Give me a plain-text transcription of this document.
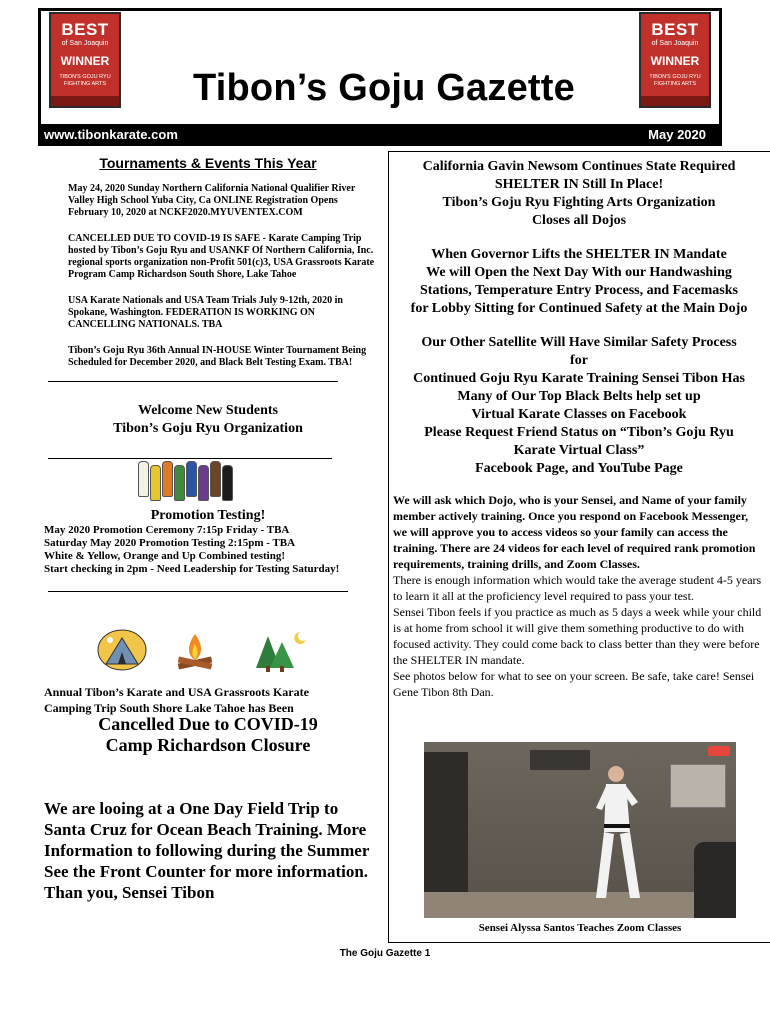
BEST
of San Joaquin
WINNER
TIBON'S GOJU RYU FIGHTING ARTS
BEST
of San Joaquin
WINNER
TIBON'S GOJU RYU FIGHTING ARTS
Tibon’s Goju Gazette
www.tibonkarate.com	May 2020
Tournaments & Events This Year
May 24, 2020 Sunday Northern California National Qualifier River Valley High School Yuba City, Ca ONLINE Registration Opens February 10, 2020 at NCKF2020.MYUVENTEX.COM
CANCELLED DUE TO COVID-19 IS SAFE - Karate Camping Trip hosted by Tibon’s Goju Ryu and USANKF Of Northern California, Inc. regional sports organization non-Profit 501(c)3, USA Grassroots Karate Program Camp Richardson South Shore, Lake Tahoe
USA Karate Nationals and USA Team Trials July 9-12th, 2020 in Spokane, Washington. FEDERATION IS WORKING ON CANCELLING NATIONALS. TBA
Tibon’s Goju Ryu 36th Annual IN-HOUSE Winter Tournament Being Scheduled for December 2020, and Black Belt Testing Exam. TBA!
Welcome New Students
Tibon’s Goju Ryu Organization
Promotion Testing!
May 2020 Promotion Ceremony 7:15p Friday - TBA
Saturday May 2020 Promotion Testing 2:15pm - TBA
White & Yellow, Orange and Up Combined testing!
Start checking in 2pm - Need Leadership for Testing Saturday!
Annual Tibon’s Karate and USA Grassroots Karate
Camping Trip South Shore Lake Tahoe has Been
Cancelled Due to COVID-19
Camp Richardson Closure
We are looing at a One Day Field Trip to Santa Cruz for Ocean Beach Training. More Information to following during the Summer See the Front Counter for more information. Than you, Sensei Tibon
California Gavin Newsom Continues State Required
SHELTER IN Still In Place!
Tibon’s Goju Ryu Fighting Arts Organization
Closes all Dojos
When Governor Lifts the SHELTER IN Mandate
We will Open the Next Day With our Handwashing
Stations, Temperature Entry Process, and Facemasks
for Lobby Sitting for Continued Safety at the Main Dojo
Our Other Satellite Will Have Similar Safety Process
for
Continued Goju Ryu Karate Training Sensei Tibon Has
Many of Our Top Black Belts help set up
Virtual Karate Classes on Facebook
Please Request Friend Status on “Tibon’s Goju Ryu
Karate Virtual Class”
Facebook Page, and YouTube Page
We will ask which Dojo, who is your Sensei, and Name of your family member actively training. Once you respond on Facebook Messenger, we will approve you to access videos so your family can access the training. There are 24 videos for each level of required rank promotion requirements, training drills, and Zoom Classes.
There is enough information which would take the average student 4-5 years to learn it all at the proficiency level required to pass your test.
Sensei Tibon feels if you practice as much as 5 days a week while your child is at home from school it will give them something productive to do with focused activity. They could come back to class better than they were before the SHELTER IN mandate.
See photos below for what to see on your screen. Be safe, take care! Sensei Gene Tibon 8th Dan.
Sensei Alyssa Santos Teaches Zoom Classes
The Goju Gazette 1
